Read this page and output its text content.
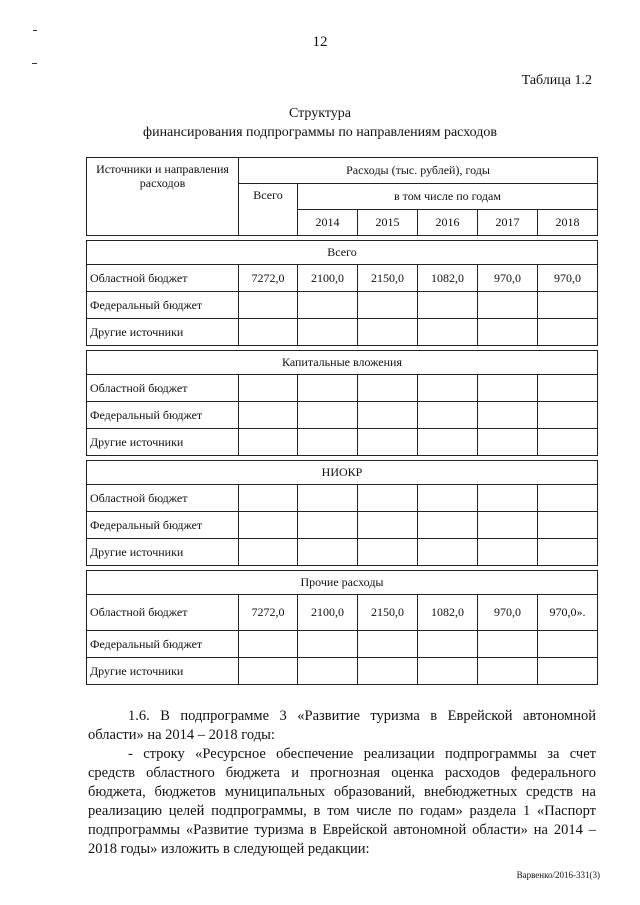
12
Таблица 1.2
Структура
финансирования подпрограммы по направлениям расходов
Источники и направления расходов	Расходы (тыс. рублей), годы					
	Всего	в том числе по годам				
		2014	2015	2016	2017	2018

Всего						
Областной бюджет	7272,0	2100,0	2150,0	1082,0	970,0	970,0
Федеральный бюджет						
Другие источники						

Капитальные вложения						
Областной бюджет						
Федеральный бюджет						
Другие источники						

НИОКР						
Областной бюджет						
Федеральный бюджет						
Другие источники						

Прочие расходы						
Областной бюджет	7272,0	2100,0	2150,0	1082,0	970,0	970,0».
Федеральный бюджет						
Другие источники						

1.6. В подпрограмме 3 «Развитие туризма в Еврейской автономной области» на 2014 – 2018 годы:

- строку «Ресурсное обеспечение реализации подпрограммы за счет средств областного бюджета и прогнозная оценка расходов федерального бюджета, бюджетов муниципальных образований, внебюджетных средств на реализацию целей подпрограммы, в том числе по годам» раздела 1 «Паспорт подпрограммы «Развитие туризма в Еврейской автономной области» на 2014 – 2018 годы» изложить в следующей редакции:

Варвенко/2016-331(3)
